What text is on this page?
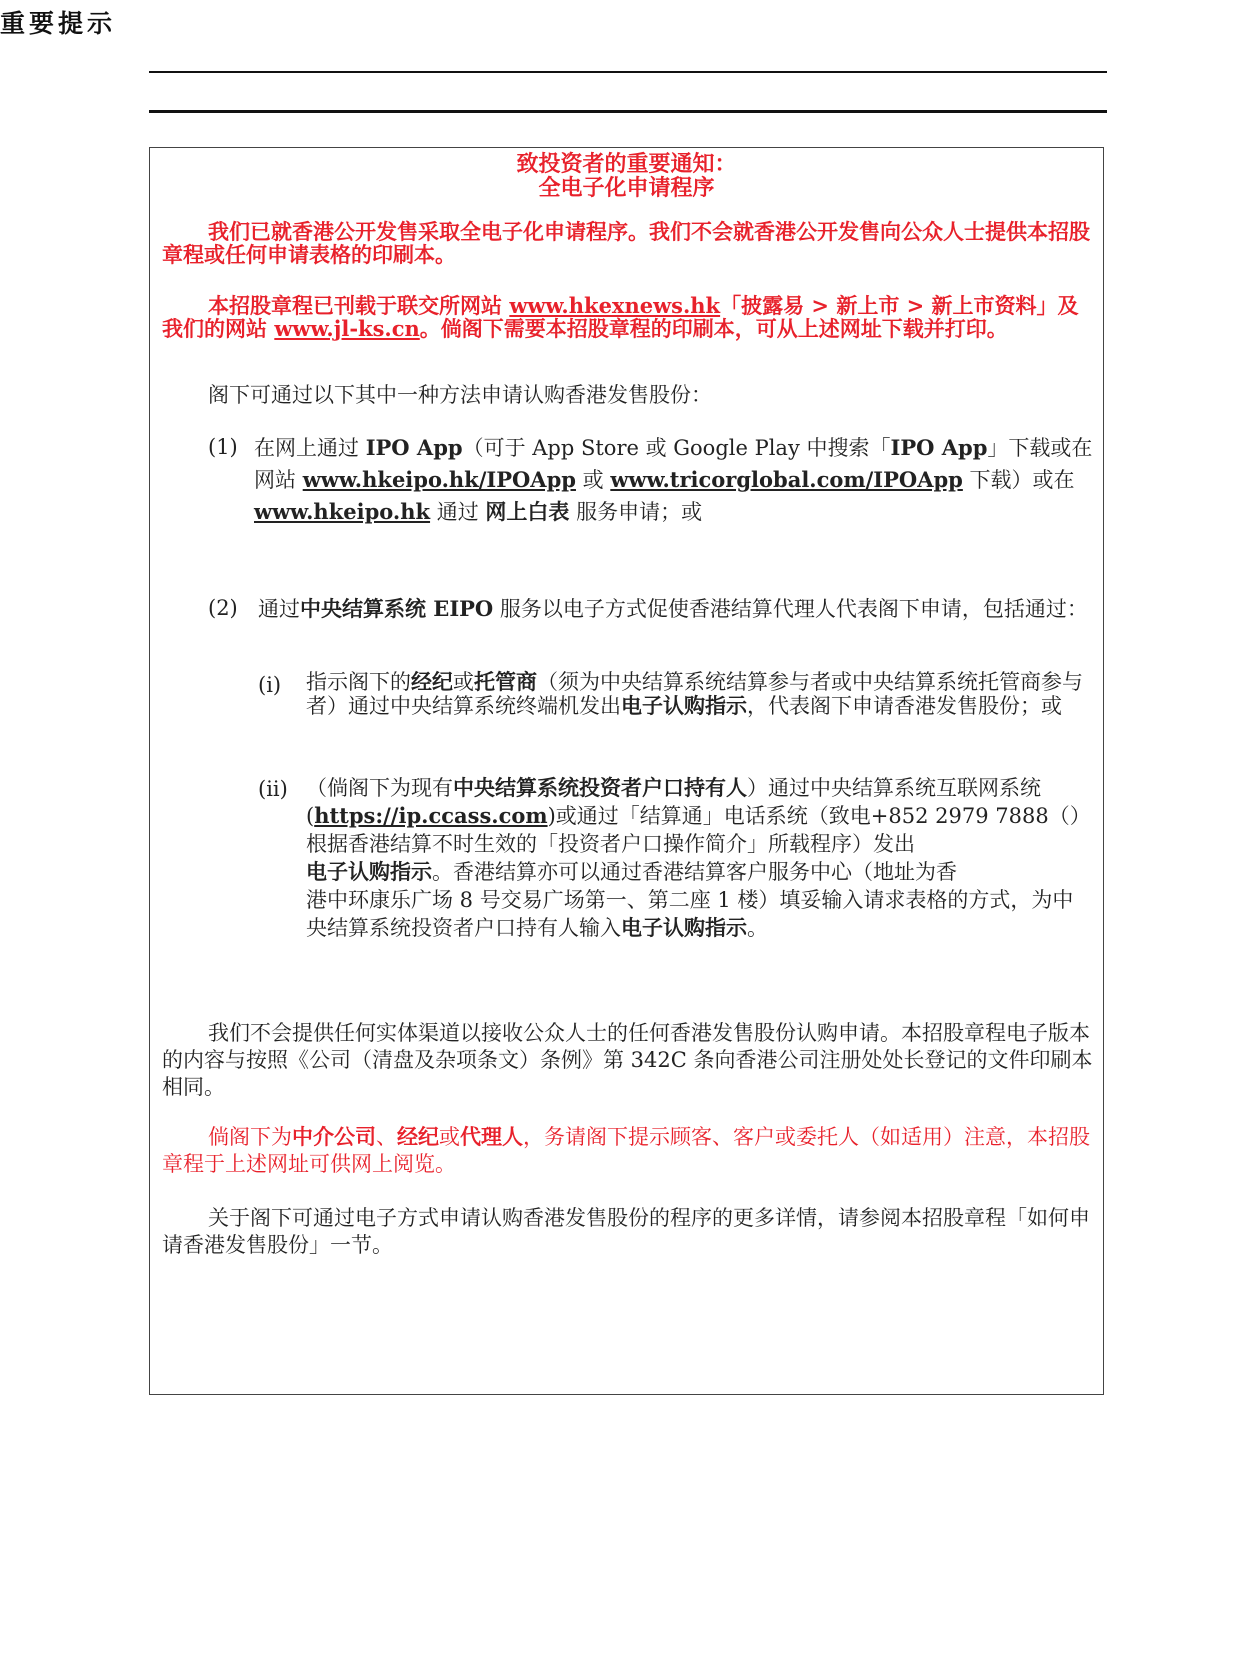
重要提示
致投资者的重要通知：
全电子化申请程序
我们已就香港公开发售采取全电子化申请程序。我们不会就香港公开发售向公众人士提供本招股章程或任何申请表格的印刷本。
本招股章程已刊载于联交所网站 www.hkexnews.hk「披露易 > 新上市 > 新上市资料」及我们的网站 www.jl-ks.cn。倘阁下需要本招股章程的印刷本，可从上述网址下载并打印。
阁下可通过以下其中一种方法申请认购香港发售股份：
(1) 在网上通过 IPO App（可于 App Store 或 Google Play 中搜索「IPO App」下载或在网站 www.hkeipo.hk/IPOApp 或 www.tricorglobal.com/IPOApp 下载）或在
www.hkeipo.hk 通过 网上白表 服务申请；或
(2) 通过中央结算系统 EIPO 服务以电子方式促使香港结算代理人代表阁下申请，包括通过：
(i)	指示阁下的经纪或托管商（须为中央结算系统结算参与者或中央结算系统托管商参与者）通过中央结算系统终端机发出电子认购指示，代表阁下申请香港发售股份；或
(ii) （倘阁下为现有中央结算系统投资者户口持有人）通过中央结算系统互联网系统(https://ip.ccass.com)或通过「结算通」电话系统（致电+852 2979 7888（）根据香港结算不时生效的「投资者户口操作简介」所载程序）发出
电子认购指示。香港结算亦可以通过香港结算客户服务中心（地址为香
港中环康乐广场 8 号交易广场第一、第二座 1 楼）填妥输入请求表格的方式，为中央结算系统投资者户口持有人输入电子认购指示。
我们不会提供任何实体渠道以接收公众人士的任何香港发售股份认购申请。本招股章程电子版本的内容与按照《公司（清盘及杂项条文）条例》第 342C 条向香港公司注册处处长登记的文件印刷本相同。
倘阁下为中介公司、经纪或代理人，务请阁下提示顾客、客户或委托人（如适用）注意，本招股章程于上述网址可供网上阅览。
关于阁下可通过电子方式申请认购香港发售股份的程序的更多详情，请参阅本招股章程「如何申请香港发售股份」一节。
